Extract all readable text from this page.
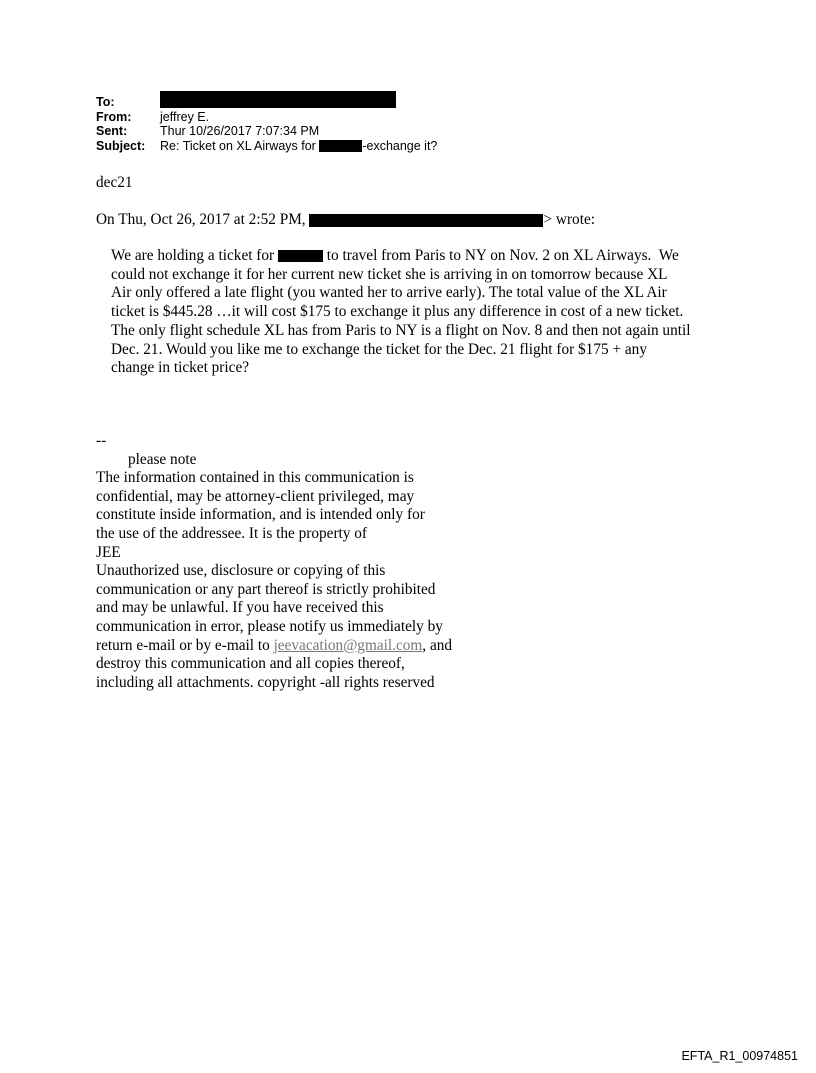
To:
From:	jeffrey E.
Sent:	Thur 10/26/2017 7:07:34 PM
Subject:	Re: Ticket on XL Airways for	-exchange it?
dec21
On Thu, Oct 26, 2017 at 2:52 PM,	> wrote:
We are holding a ticket for	to travel from Paris to NY on Nov. 2 on XL Airways.  We
could not exchange it for her current new ticket she is arriving in on tomorrow because XL
Air only offered a late flight (you wanted her to arrive early). The total value of the XL Air
ticket is $445.28 …it will cost $175 to exchange it plus any difference in cost of a new ticket.
The only flight schedule XL has from Paris to NY is a flight on Nov. 8 and then not again until
Dec. 21. Would you like me to exchange the ticket for the Dec. 21 flight for $175 + any
change in ticket price?
--
please note
The information contained in this communication is
confidential, may be attorney-client privileged, may
constitute inside information, and is intended only for
the use of the addressee. It is the property of
JEE
Unauthorized use, disclosure or copying of this
communication or any part thereof is strictly prohibited
and may be unlawful. If you have received this
communication in error, please notify us immediately by
return e-mail or by e-mail to jeevacation@gmail.com, and
destroy this communication and all copies thereof,
including all attachments. copyright -all rights reserved
EFTA_R1_00974851
